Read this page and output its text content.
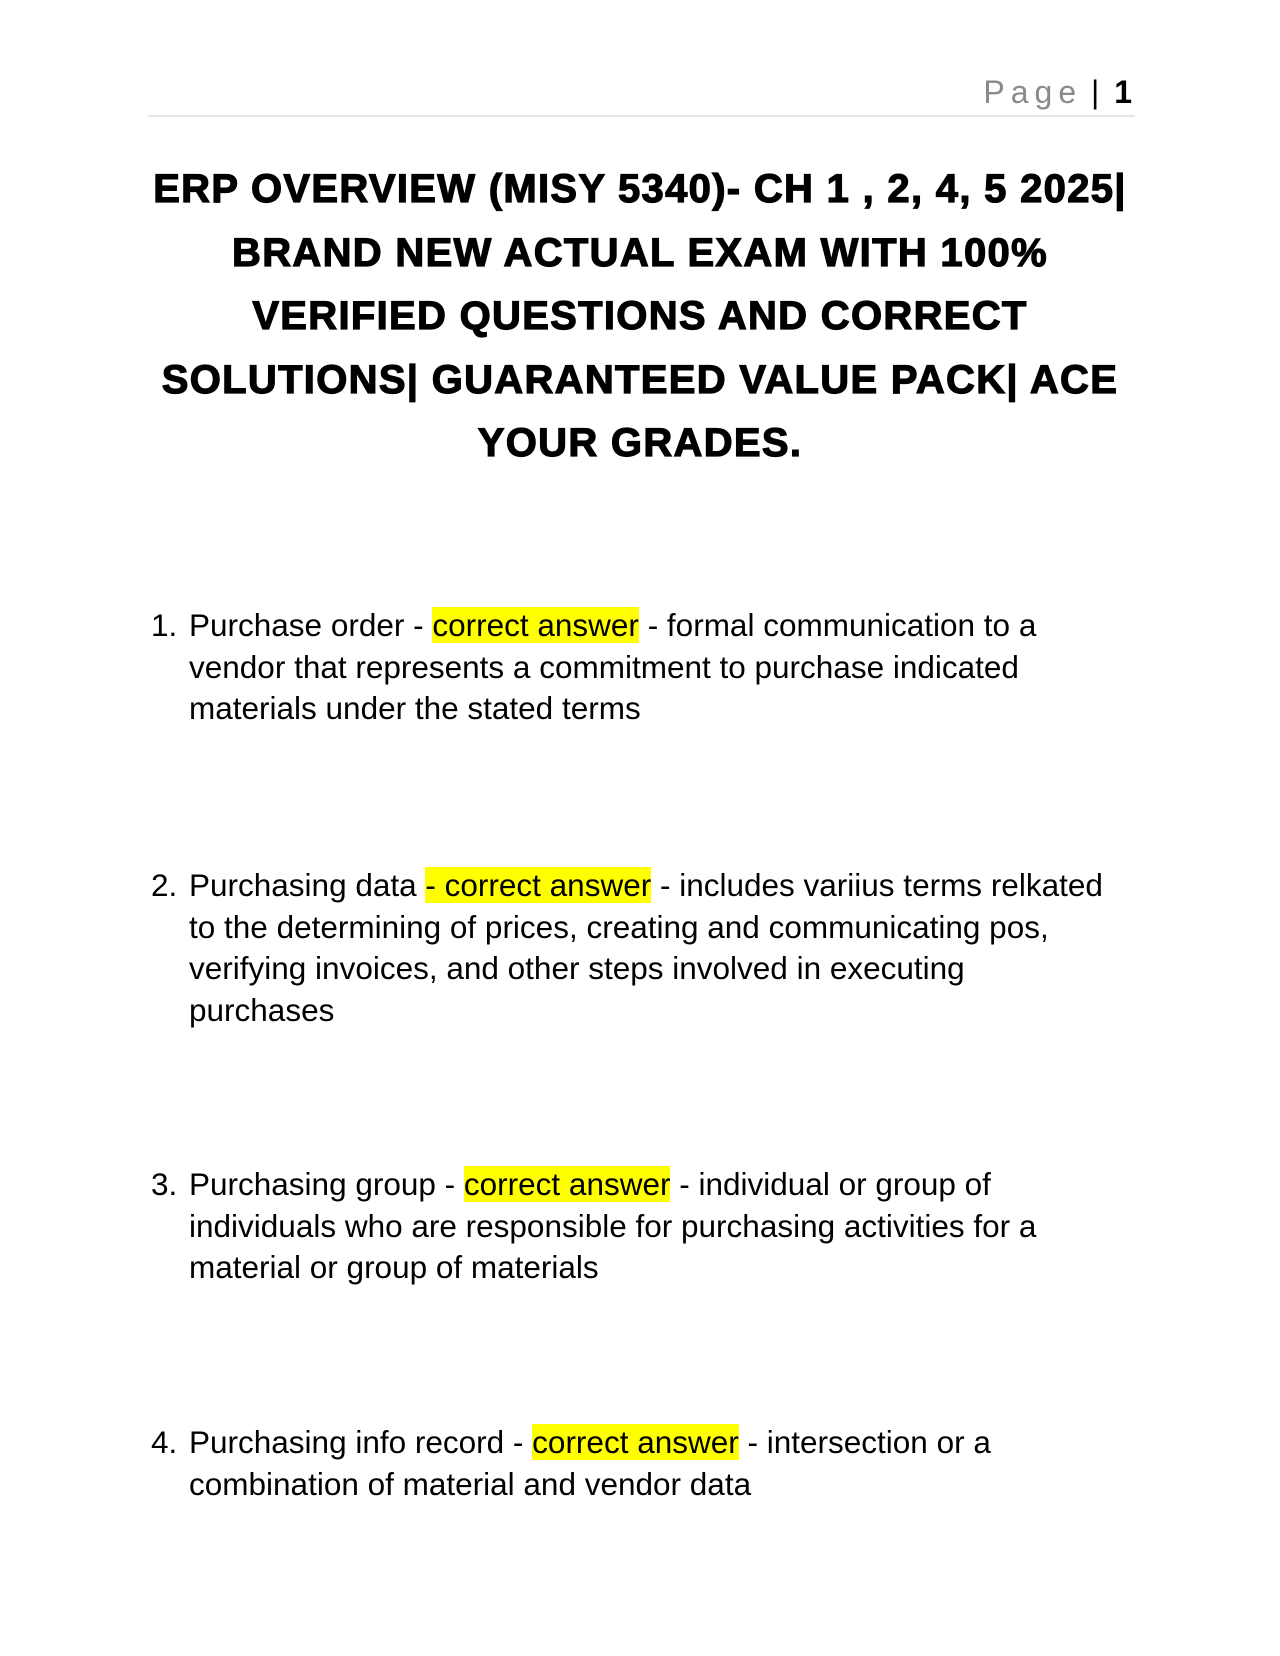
Page | 1
ERP OVERVIEW (MISY 5340)- CH 1 , 2, 4, 5 2025| BRAND NEW ACTUAL EXAM WITH 100% VERIFIED QUESTIONS AND CORRECT SOLUTIONS| GUARANTEED VALUE PACK| ACE YOUR GRADES.
1. Purchase order - correct answer - formal communication to a vendor that represents a commitment to purchase indicated materials under the stated terms
2. Purchasing data - correct answer - includes variius terms relkated to the determining of prices, creating and communicating pos, verifying invoices, and other steps involved in executing purchases
3. Purchasing group - correct answer - individual or group of individuals who are responsible for purchasing activities for a material or group of materials
4. Purchasing info record - correct answer - intersection or a combination of material and vendor data
